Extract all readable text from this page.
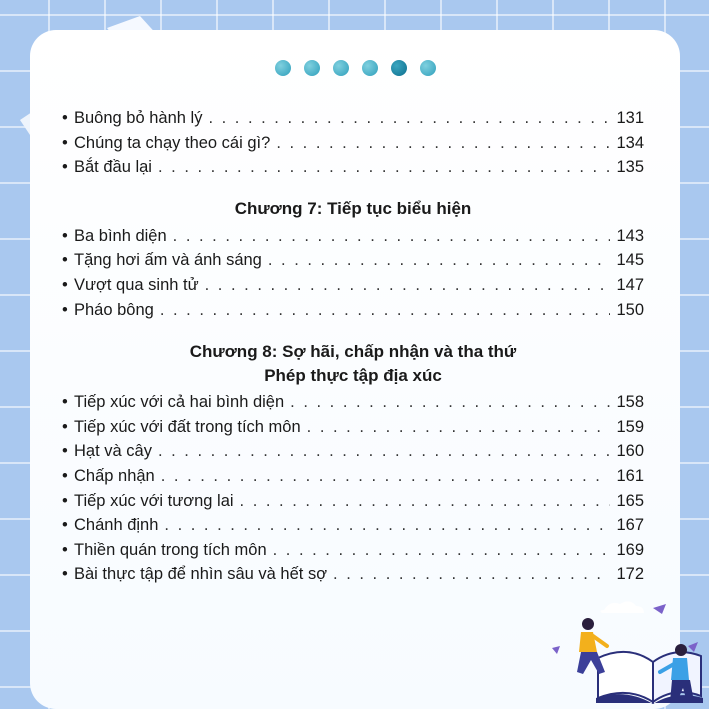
• Buông bỏ hành lý . . .	131
• Chúng ta chạy theo cái gì? . . .	134
• Bắt đầu lại . . .	135
Chương 7: Tiếp tục biểu hiện
• Ba bình diện . . .	143
• Tặng hơi ấm và ánh sáng . . .	145
• Vượt qua sinh tử . . .	147
• Pháo bông . . .	150
Chương 8: Sợ hãi, chấp nhận và tha thứ
Phép thực tập địa xúc
• Tiếp xúc với cả hai bình diện . . .	158
• Tiếp xúc với đất trong tích môn . . .	159
• Hạt và cây . . .	160
• Chấp nhận . . .	161
• Tiếp xúc với tương lai . . .	165
• Chánh định . . .	167
• Thiền quán trong tích môn . . .	169
• Bài thực tập để nhìn sâu và hết sợ . . .	172
